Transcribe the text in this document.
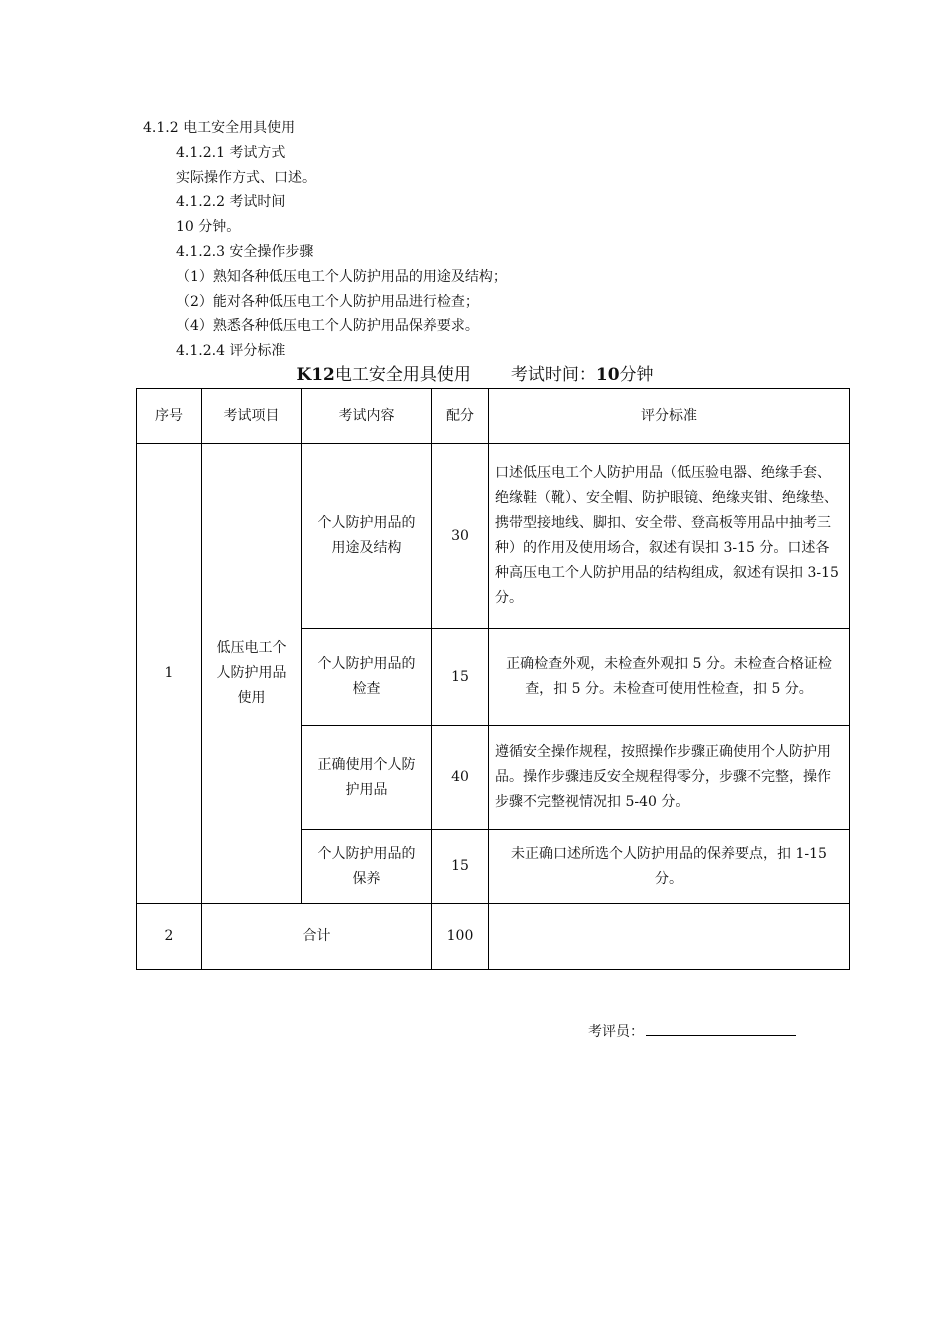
4.1.2 电工安全用具使用
4.1.2.1 考试方式
实际操作方式、口述。
4.1.2.2 考试时间
10 分钟。
4.1.2.3 安全操作步骤
（1）熟知各种低压电工个人防护用品的用途及结构；
（2）能对各种低压电工个人防护用品进行检查；
（4）熟悉各种低压电工个人防护用品保养要求。
4.1.2.4 评分标准
K12电工安全用具使用 考试时间：10分钟
序号	考试项目	考试内容	配分	评分标准
1	低压电工个人防护用品使用	个人防护用品的用途及结构	30	口述低压电工个人防护用品（低压验电器、绝缘手套、绝缘鞋（靴）、安全帽、防护眼镜、绝缘夹钳、绝缘垫、携带型接地线、脚扣、安全带、登高板等用品中抽考三种）的作用及使用场合，叙述有误扣 3-15 分。口述各种高压电工个人防护用品的结构组成，叙述有误扣 3-15 分。
		个人防护用品的检查	15	正确检查外观，未检查外观扣 5 分。未检查合格证检查，扣 5 分。未检查可使用性检查，扣 5 分。
		正确使用个人防护用品	40	遵循安全操作规程，按照操作步骤正确使用个人防护用品。操作步骤违反安全规程得零分，步骤不完整，操作步骤不完整视情况扣 5-40 分。
		个人防护用品的保养	15	未正确口述所选个人防护用品的保养要点，扣 1-15 分。
2	合计		100	
考评员：
